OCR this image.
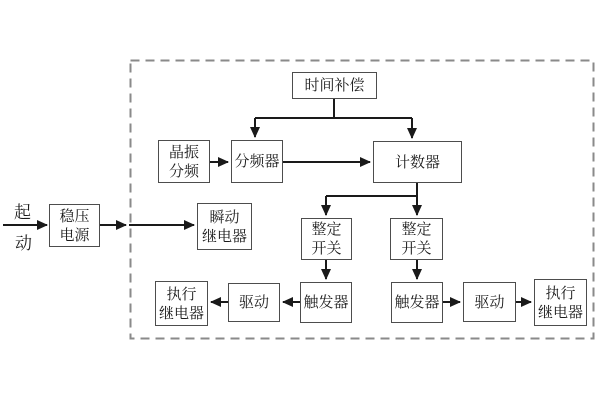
起
动
稳压
电源
瞬动
继电器
时间补偿
晶振
分频
分频器	计数器
整定
开关
整定
开关
触发器
驱动
执行
继电器
触发器 驱动	执行
继电器
